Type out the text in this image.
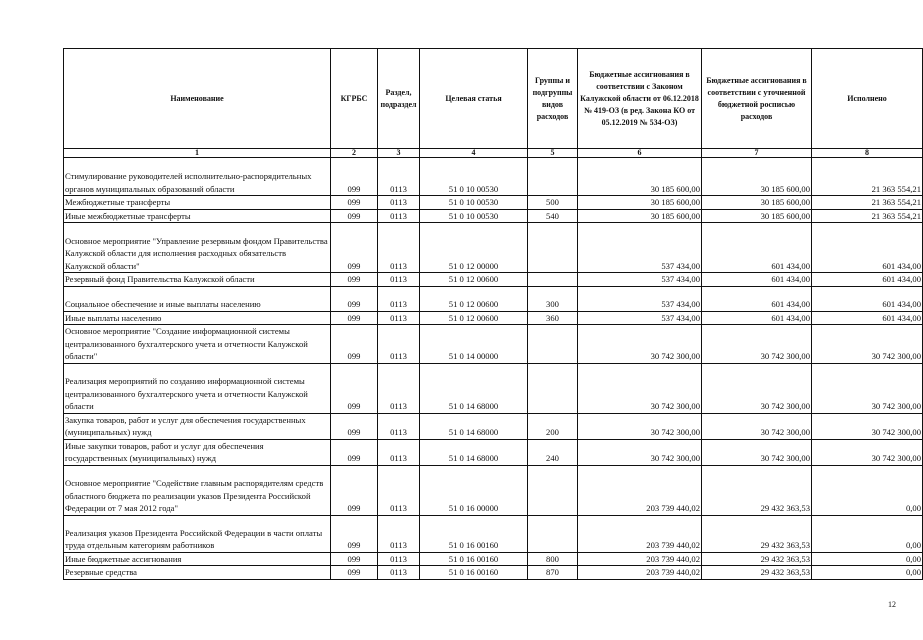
Наименование	КГРБС	Раздел, подраздел	Целевая статья	Группы и подгруппы видов расходов	Бюджетные ассигнования в соответствии с Законом Калужской области от 06.12.2018 № 419-ОЗ (в ред. Закона КО от 05.12.2019 № 534-ОЗ)	Бюджетные ассигнования в соответствии с уточненной бюджетной росписью расходов	Исполнено
1	2	3	4	5	6	7	8
Стимулирование руководителей исполнительно-распорядительных органов муниципальных образований области	099	0113	51 0 10 00530		30 185 600,00	30 185 600,00	21 363 554,21
Межбюджетные трансферты	099	0113	51 0 10 00530	500	30 185 600,00	30 185 600,00	21 363 554,21
Иные межбюджетные трансферты	099	0113	51 0 10 00530	540	30 185 600,00	30 185 600,00	21 363 554,21
Основное мероприятие "Управление резервным фондом Правительства Калужской области для исполнения расходных обязательств Калужской области"	099	0113	51 0 12 00000		537 434,00	601 434,00	601 434,00
Резервный фонд Правительства Калужской области	099	0113	51 0 12 00600		537 434,00	601 434,00	601 434,00
Социальное обеспечение и иные выплаты населению	099	0113	51 0 12 00600	300	537 434,00	601 434,00	601 434,00
Иные выплаты населению	099	0113	51 0 12 00600	360	537 434,00	601 434,00	601 434,00
Основное мероприятие "Создание информационной системы централизованного бухгалтерского учета и отчетности Калужской области"	099	0113	51 0 14 00000		30 742 300,00	30 742 300,00	30 742 300,00
Реализация мероприятий по созданию информационной системы централизованного бухгалтерского учета и отчетности Калужской области	099	0113	51 0 14 68000		30 742 300,00	30 742 300,00	30 742 300,00
Закупка товаров, работ и услуг для обеспечения государственных (муниципальных) нужд	099	0113	51 0 14 68000	200	30 742 300,00	30 742 300,00	30 742 300,00
Иные закупки товаров, работ и услуг для обеспечения государственных (муниципальных) нужд	099	0113	51 0 14 68000	240	30 742 300,00	30 742 300,00	30 742 300,00
Основное мероприятие "Содействие главным распорядителям средств областного бюджета по реализации указов Президента Российской Федерации от 7 мая 2012 года"	099	0113	51 0 16 00000		203 739 440,02	29 432 363,53	0,00
Реализация указов Президента Российской Федерации в части оплаты труда отдельным категориям работников	099	0113	51 0 16 00160		203 739 440,02	29 432 363,53	0,00
Иные бюджетные ассигнования	099	0113	51 0 16 00160	800	203 739 440,02	29 432 363,53	0,00
Резервные средства	099	0113	51 0 16 00160	870	203 739 440,02	29 432 363,53	0,00
12
